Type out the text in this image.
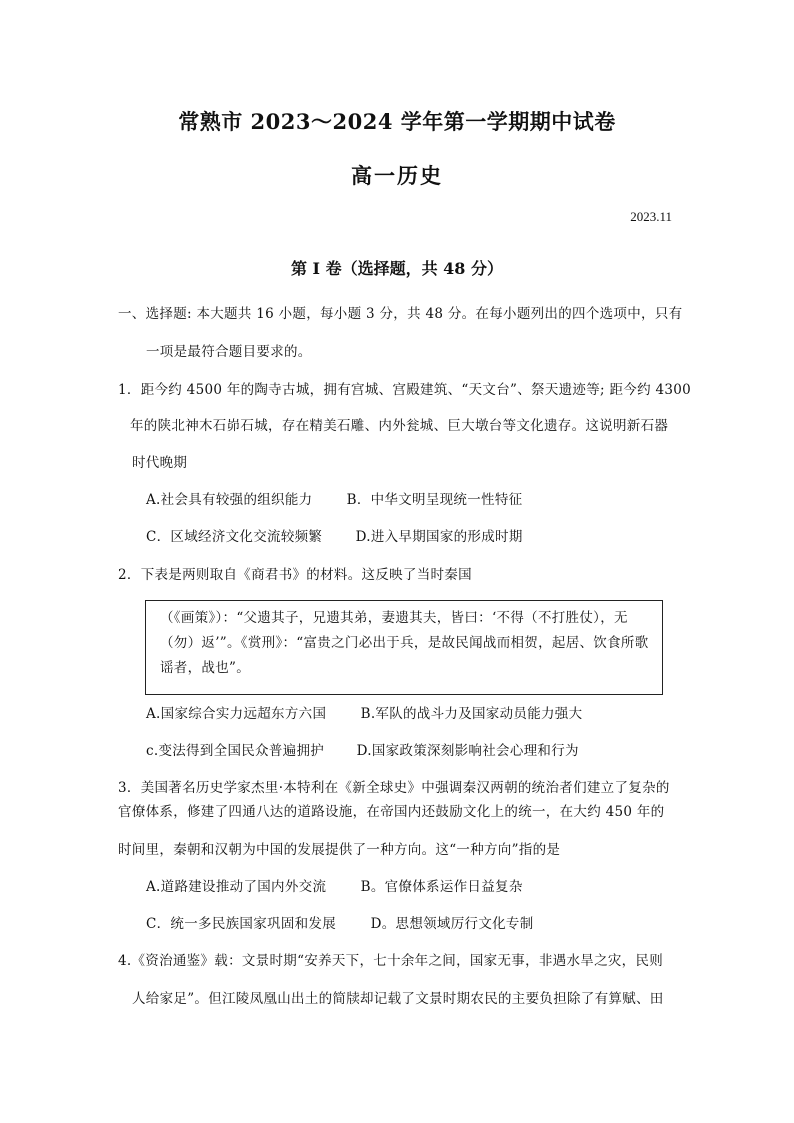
常熟市 2023～2024 学年第一学期期中试卷
高一历史
2023.11
第 I 卷（选择题，共 48 分）
一、选择题: 本大题共 16 小题，每小题 3 分，共 48 分。在每小题列出的四个选项中，只有
一项是最符合题目要求的。
1．距今约 4500 年的陶寺古城，拥有宫城、宫殿建筑、“天文台”、祭天遗迹等; 距今约 4300
年的陕北神木石峁石城，存在精美石雕、内外瓮城、巨大墩台等文化遗存。这说明新石器
时代晚期
A.社会具有较强的组织能力	B．中华文明呈现统一性特征
C．区域经济文化交流较频繁 D.进入早期国家的形成时期
2．下表是两则取自《商君书》的材料。这反映了当时秦国
（《画策》）：“父遗其子，兄遗其弟，妻遗其夫，皆曰：‘不得（不打胜仗），无
（勿）返’”。《赏刑》：“富贵之门必出于兵，是故民闻战而相贺，起居、饮食所歌
谣者，战也”。
A.国家综合实力远超东方六国	B.军队的战斗力及国家动员能力强大
c.变法得到全国民众普遍拥护 D.国家政策深刻影响社会心理和行为
3．美国著名历史学家杰里·本特利在《新全球史》中强调秦汉两朝的统治者们建立了复杂的
官僚体系，修建了四通八达的道路设施，在帝国内还鼓励文化上的统一，在大约 450 年的
时间里，秦朝和汉朝为中国的发展提供了一种方向。这“一种方向”指的是
A.道路建设推动了国内外交流	B。官僚体系运作日益复杂
C．统一多民族国家巩固和发展	D。思想领域厉行文化专制
4.《资治通鉴》载：文景时期“安养天下，七十余年之间，国家无事，非遇水旱之灾，民则
人给家足”。但江陵凤凰山出土的简牍却记载了文景时期农民的主要负担除了有算赋、田
